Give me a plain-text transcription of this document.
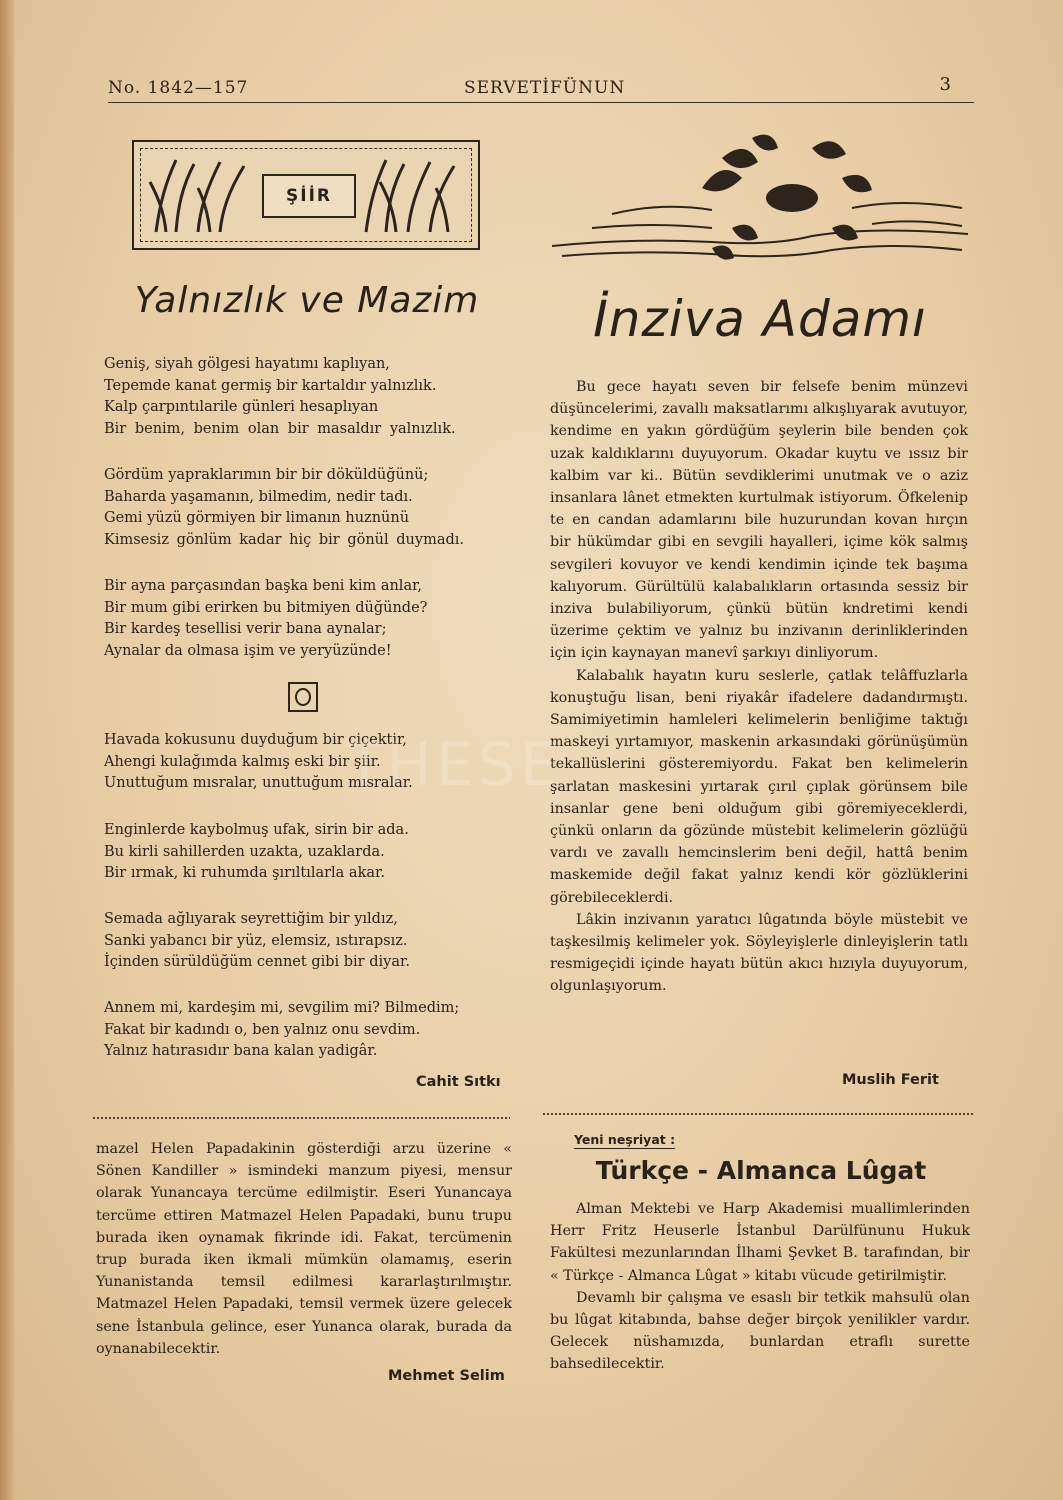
No. 1842—157	SERVETİFÜNUN	3
ŞİİR
Yalnızlık ve Mazim	İnziva Adamı
Geniş, siyah gölgesi hayatımı kaplıyan,
Tepemde kanat germiş bir kartaldır yalnızlık.
Kalp çarpıntılarile günleri hesaplıyan
Bir benim, benim olan bir masaldır yalnızlık.
Gördüm yapraklarımın bir bir döküldüğünü;
Baharda yaşamanın, bilmedim, nedir tadı.
Gemi yüzü görmiyen bir limanın huznünü
Kimsesiz gönlüm kadar hiç bir gönül duymadı.
Bir ayna parçasından başka beni kim anlar,
Bir mum gibi erirken bu bitmiyen düğünde?
Bir kardeş tesellisi verir bana aynalar;
Aynalar da olmasa işim ve yeryüzünde!
Havada kokusunu duyduğum bir çiçektir,
Ahengi kulağımda kalmış eski bir şiir.
Unuttuğum mısralar, unuttuğum mısralar.
Enginlerde kaybolmuş ufak, sirin bir ada.
Bu kirli sahillerden uzakta, uzaklarda.
Bir ırmak, ki ruhumda şırıltılarla akar.
Semada ağlıyarak seyrettiğim bir yıldız,
Sanki yabancı bir yüz, elemsiz, ıstırapsız.
İçinden sürüldüğüm cennet gibi bir diyar.
Annem mi, kardeşim mi, sevgilim mi? Bilmedim;
Fakat bir kadındı o, ben yalnız onu sevdim.
Yalnız hatırasıdır bana kalan yadigâr.
Cahit Sıtkı

Bu gece hayatı seven bir felsefe benim münzevi düşüncelerimi, zavallı maksatlarımı alkışlıyarak avutuyor, kendime en yakın gördüğüm şeylerin bile benden çok uzak kaldıklarını duyuyorum. Okadar kuytu ve ıssız bir kalbim var ki.. Bütün sevdiklerimi unutmak ve o aziz insanlara lânet etmekten kurtulmak istiyorum. Öfkelenip te en candan adamlarını bile huzurundan kovan hırçın bir hükümdar gibi en sevgili hayalleri, içime kök salmış sevgileri kovuyor ve kendi kendimin içinde tek başıma kalıyorum. Gürültülü kalabalıkların ortasında sessiz bir inziva bulabiliyorum, çünkü bütün kndretimi kendi üzerime çektim ve yalnız bu inzivanın derinliklerinden için için kaynayan manevî şarkıyı dinliyorum.

Kalabalık hayatın kuru seslerle, çatlak telâffuzlarla konuştuğu lisan, beni riyakâr ifadelere dadandırmıştı. Samimiyetimin hamleleri kelimelerin benliğime taktığı maskeyi yırtamıyor, maskenin arkasındaki görünüşümün tekallüslerini gösteremiyordu. Fakat ben kelimelerin şarlatan maskesini yırtarak çırıl çıplak görünsem bile insanlar gene beni olduğum gibi göremiyeceklerdi, çünkü onların da gözünde müstebit kelimelerin gözlüğü vardı ve zavallı hemcinslerim beni değil, hattâ benim maskemide değil fakat yalnız kendi kör gözlüklerini görebileceklerdi.

Lâkin inzivanın yaratıcı lûgatında böyle müstebit ve taşkesilmiş kelimeler yok. Söyleyişlerle dinleyişlerin tatlı resmigeçidi içinde hayatı bütün akıcı hızıyla duyuyorum, olgunlaşıyorum.

Muslih Ferit
THESE

mazel Helen Papadakinin gösterdiği arzu üzerine « Sönen Kandiller » ismindeki manzum piyesi, mensur olarak Yunancaya tercüme edilmiştir. Eseri Yunancaya tercüme ettiren Matmazel Helen Papadaki, bunu trupu burada iken oynamak fikrinde idi. Fakat, tercümenin trup burada iken ikmali mümkün olamamış, eserin Yunanistanda temsil edilmesi kararlaştırılmıştır. Matmazel Helen Papadaki, temsil vermek üzere gelecek sene İstanbula gelince, eser Yunanca olarak, burada da oynanabilecektir.

Mehmet Selim
Yeni neşriyat :
Türkçe - Almanca Lûgat

Alman Mektebi ve Harp Akademisi muallimlerinden Herr Fritz Heuserle İstanbul Darülfünunu Hukuk Fakültesi mezunlarından İlhami Şevket B. tarafından, bir « Türkçe - Almanca Lûgat » kitabı vücude getirilmiştir.

Devamlı bir çalışma ve esaslı bir tetkik mahsulü olan bu lûgat kitabında, bahse değer birçok yenilikler vardır. Gelecek nüshamızda, bunlardan etraflı surette bahsedilecektir.
